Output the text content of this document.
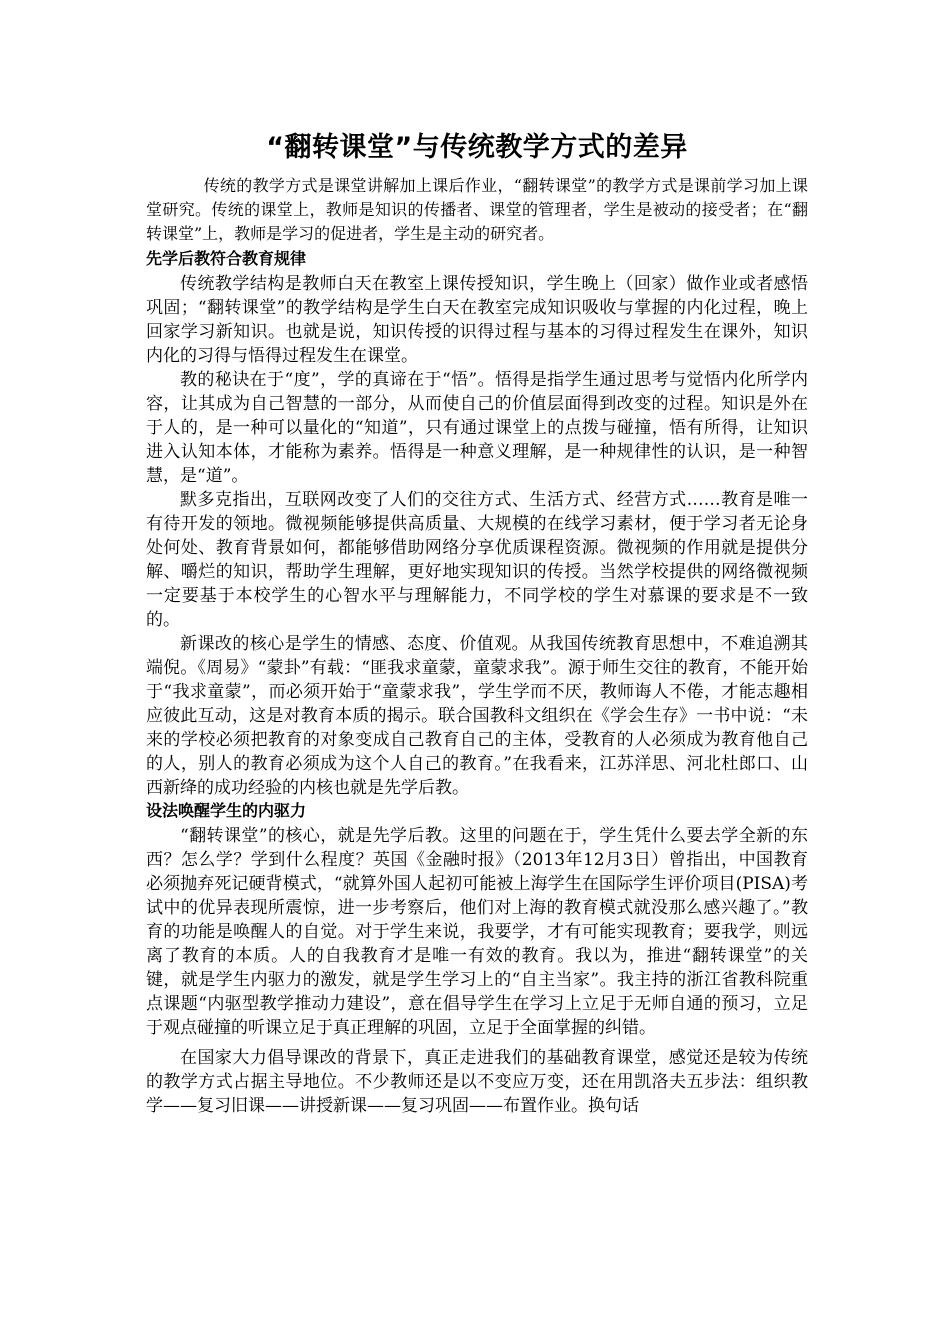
“翻转课堂”与传统教学方式的差异

传统的教学方式是课堂讲解加上课后作业，“翻转课堂”的教学方式是课前学习加上课堂研究。传统的课堂上，教师是知识的传播者、课堂的管理者，学生是被动的接受者；在“翻转课堂”上，教师是学习的促进者，学生是主动的研究者。

先学后教符合教育规律

传统教学结构是教师白天在教室上课传授知识，学生晚上（回家）做作业或者感悟巩固；“翻转课堂”的教学结构是学生白天在教室完成知识吸收与掌握的内化过程，晚上回家学习新知识。也就是说，知识传授的识得过程与基本的习得过程发生在课外，知识内化的习得与悟得过程发生在课堂。

教的秘诀在于“度”，学的真谛在于“悟”。悟得是指学生通过思考与觉悟内化所学内容，让其成为自己智慧的一部分，从而使自己的价值层面得到改变的过程。知识是外在于人的，是一种可以量化的“知道”，只有通过课堂上的点拨与碰撞，悟有所得，让知识进入认知本体，才能称为素养。悟得是一种意义理解，是一种规律性的认识，是一种智慧，是“道”。

默多克指出，互联网改变了人们的交往方式、生活方式、经营方式……教育是唯一有待开发的领地。微视频能够提供高质量、大规模的在线学习素材，便于学习者无论身处何处、教育背景如何，都能够借助网络分享优质课程资源。微视频的作用就是提供分解、嚼烂的知识，帮助学生理解，更好地实现知识的传授。当然学校提供的网络微视频一定要基于本校学生的心智水平与理解能力，不同学校的学生对慕课的要求是不一致的。

新课改的核心是学生的情感、态度、价值观。从我国传统教育思想中，不难追溯其端倪。《周易》“蒙卦”有载：“匪我求童蒙，童蒙求我”。源于师生交往的教育，不能开始于“我求童蒙”，而必须开始于“童蒙求我”，学生学而不厌，教师诲人不倦，才能志趣相应彼此互动，这是对教育本质的揭示。联合国教科文组织在《学会生存》一书中说：“未来的学校必须把教育的对象变成自己教育自己的主体，受教育的人必须成为教育他自己的人，别人的教育必须成为这个人自己的教育。”在我看来，江苏洋思、河北杜郎口、山西新绛的成功经验的内核也就是先学后教。

设法唤醒学生的内驱力

“翻转课堂”的核心，就是先学后教。这里的问题在于，学生凭什么要去学全新的东西？怎么学？学到什么程度？英国《金融时报》（2013年12月3日）曾指出，中国教育必须抛弃死记硬背模式，“就算外国人起初可能被上海学生在国际学生评价项目(PISA)考试中的优异表现所震惊，进一步考察后，他们对上海的教育模式就没那么感兴趣了。”教育的功能是唤醒人的自觉。对于学生来说，我要学，才有可能实现教育；要我学，则远离了教育的本质。人的自我教育才是唯一有效的教育。我以为，推进“翻转课堂”的关键，就是学生内驱力的激发，就是学生学习上的“自主当家”。我主持的浙江省教科院重点课题“内驱型教学推动力建设”，意在倡导学生在学习上立足于无师自通的预习，立足于观点碰撞的听课立足于真正理解的巩固，立足于全面掌握的纠错。

在国家大力倡导课改的背景下，真正走进我们的基础教育课堂，感觉还是较为传统的教学方式占据主导地位。不少教师还是以不变应万变，还在用凯洛夫五步法：组织教学——复习旧课——讲授新课——复习巩固——布置作业。换句话
